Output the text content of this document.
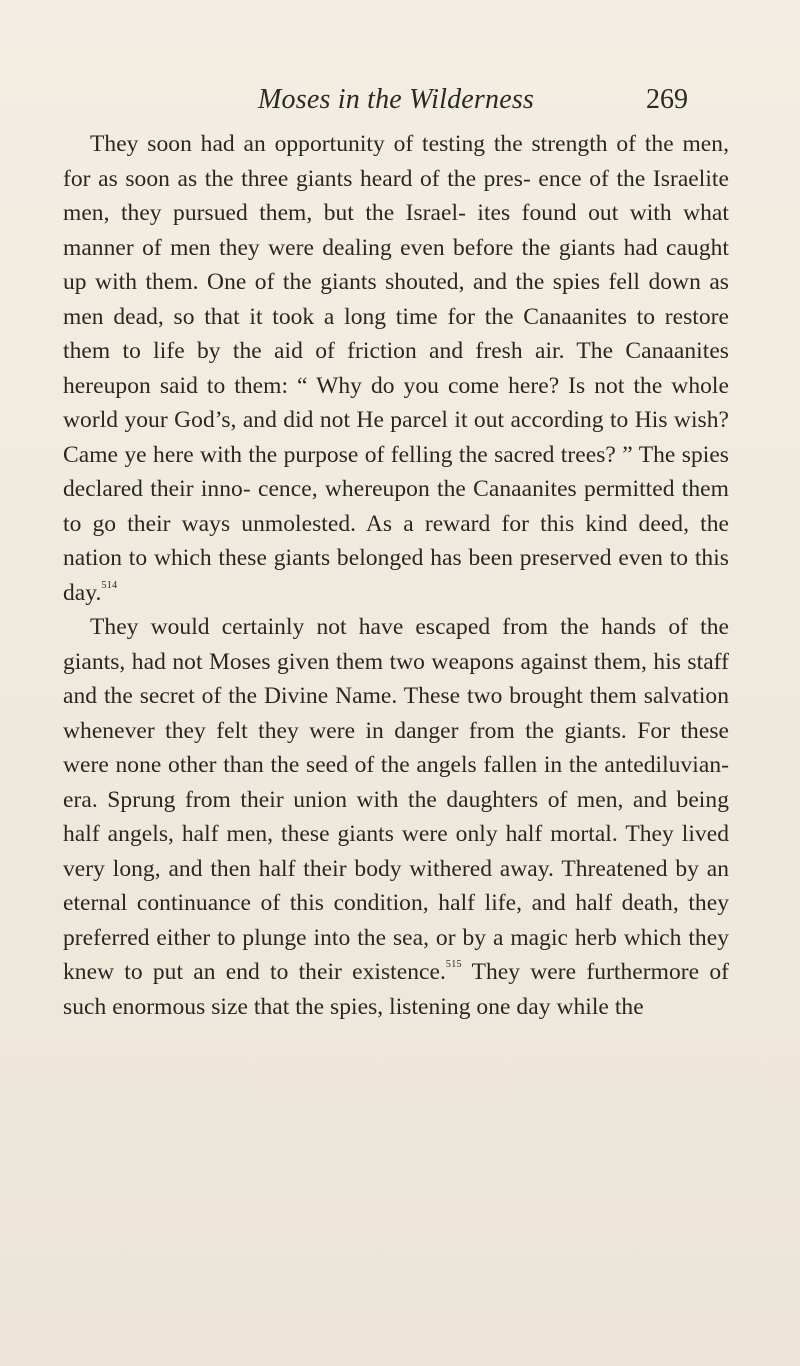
Moses in the Wilderness	269

They soon had an opportunity of testing the strength of the men, for as soon as the three giants heard of the pres- ence of the Israelite men, they pursued them, but the Israel- ites found out with what manner of men they were dealing even before the giants had caught up with them. One of the giants shouted, and the spies fell down as men dead, so that it took a long time for the Canaanites to restore them to life by the aid of friction and fresh air. The Canaanites hereupon said to them: “ Why do you come here? Is not the whole world your God’s, and did not He parcel it out according to His wish? Came ye here with the purpose of felling the sacred trees? ” The spies declared their inno- cence, whereupon the Canaanites permitted them to go their ways unmolested. As a reward for this kind deed, the nation to which these giants belonged has been preserved even to this day.$^{514}$

They would certainly not have escaped from the hands of the giants, had not Moses given them two weapons against them, his staff and the secret of the Divine Name. These two brought them salvation whenever they felt they were in danger from the giants. For these were none other than the seed of the angels fallen in the antediluvian- era. Sprung from their union with the daughters of men, and being half angels, half men, these giants were only half mortal. They lived very long, and then half their body withered away. Threatened by an eternal continuance of this condition, half life, and half death, they preferred either to plunge into the sea, or by a magic herb which they knew to put an end to their existence.$^{515}$ They were furthermore of such enormous size that the spies, listening one day while the
